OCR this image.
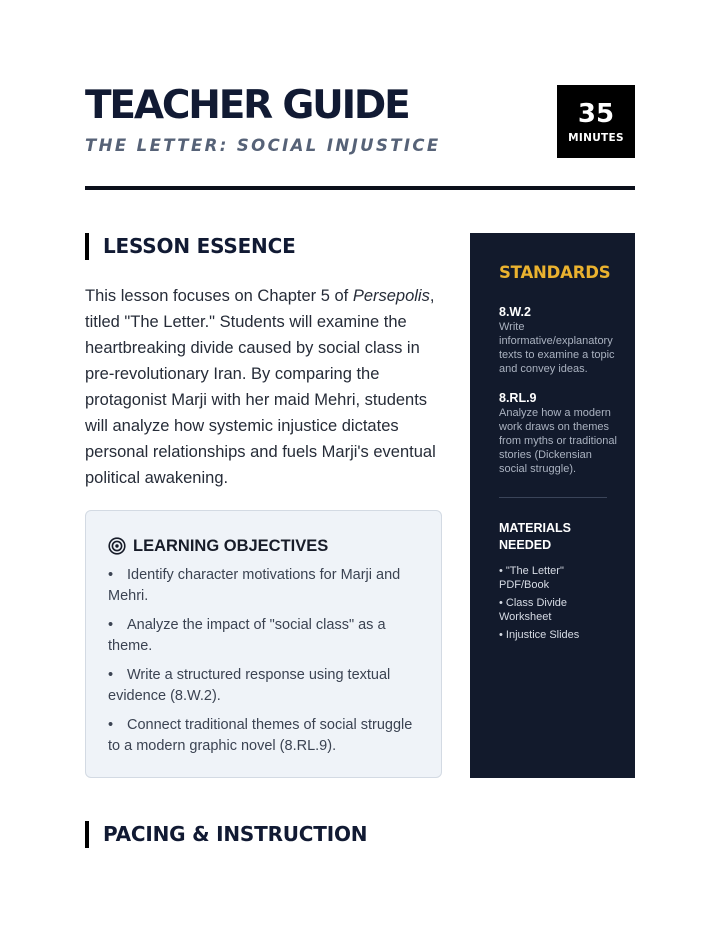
TEACHER GUIDE
THE LETTER: SOCIAL INJUSTICE
35
MINUTES
LESSON ESSENCE

This lesson focuses on Chapter 5 of Persepolis, titled "The Letter." Students will examine the heartbreaking divide caused by social class in pre-revolutionary Iran. By comparing the protagonist Marji with her maid Mehri, students will analyze how systemic injustice dictates personal relationships and fuels Marji's eventual political awakening.

LEARNING OBJECTIVES
• Identify character motivations for Marji and Mehri.
• Analyze the impact of "social class" as a theme.
• Write a structured response using textual evidence (8.W.2).
• Connect traditional themes of social struggle to a modern graphic novel (8.RL.9).
STANDARDS
8.W.2
Write informative/explanatory texts to examine a topic and convey ideas.
8.RL.9
Analyze how a modern work draws on themes from myths or traditional stories (Dickensian social struggle).
MATERIALS NEEDED
• "The Letter" PDF/Book
• Class Divide Worksheet
• Injustice Slides
PACING & INSTRUCTION
